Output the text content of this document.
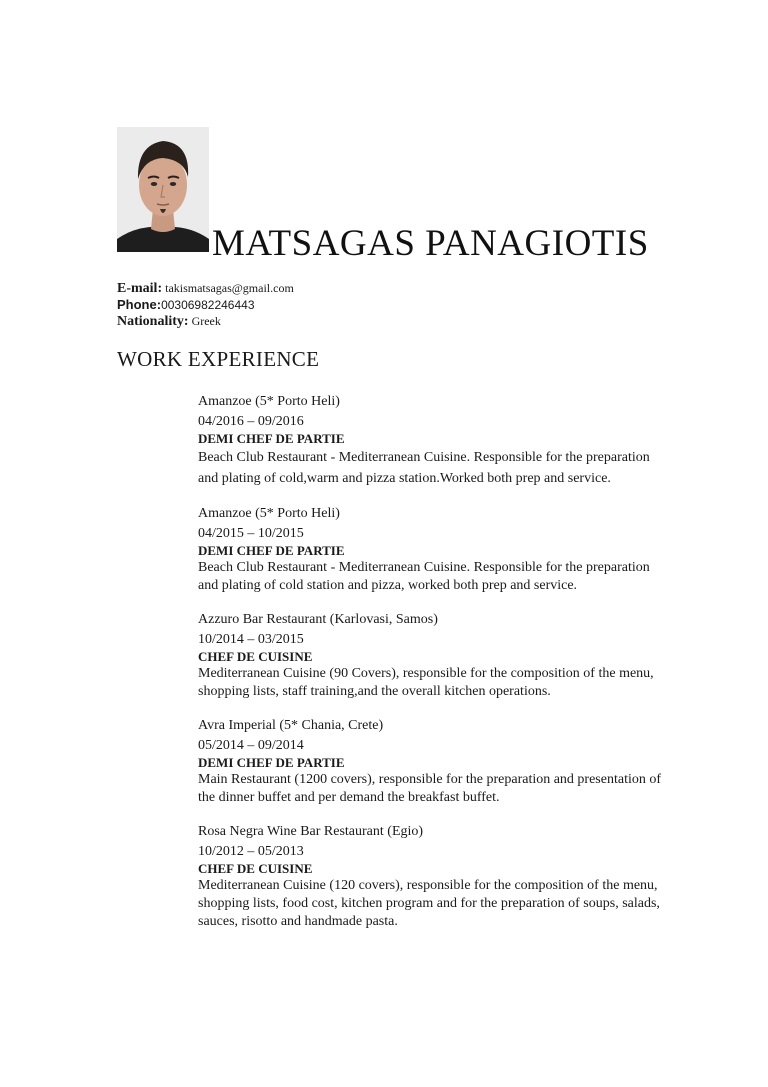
MATSAGAS PANAGIOTIS
E-mail: takismatsagas@gmail.com
Phone:00306982246443
Nationality: Greek
WORK EXPERIENCE
Amanzoe (5* Porto Heli)
04/2016 – 09/2016
DEMI CHEF DE PARTIE
Beach Club Restaurant - Mediterranean Cuisine. Responsible for the preparation and plating of cold,warm and pizza station.Worked both prep and service.
Amanzoe (5* Porto Heli)
04/2015 – 10/2015
DEMI CHEF DE PARTIE
Beach Club Restaurant - Mediterranean Cuisine. Responsible for the preparation and plating of cold station and pizza, worked both prep and service.
Azzuro Bar Restaurant (Karlovasi, Samos)
10/2014 – 03/2015
CHEF DE CUISINE
Mediterranean Cuisine (90 Covers), responsible for the composition of the menu, shopping lists, staff training,and the overall kitchen operations.
Avra Imperial (5* Chania, Crete)
05/2014 – 09/2014
DEMI CHEF DE PARTIE
Main Restaurant (1200 covers), responsible for the preparation and presentation of the dinner buffet and per demand the breakfast buffet.
Rosa Negra Wine Bar Restaurant (Egio)
10/2012 – 05/2013
CHEF DE CUISINE
Mediterranean Cuisine (120 covers), responsible for the composition of the menu, shopping lists, food cost, kitchen program and for the preparation of soups, salads, sauces, risotto and handmade pasta.
